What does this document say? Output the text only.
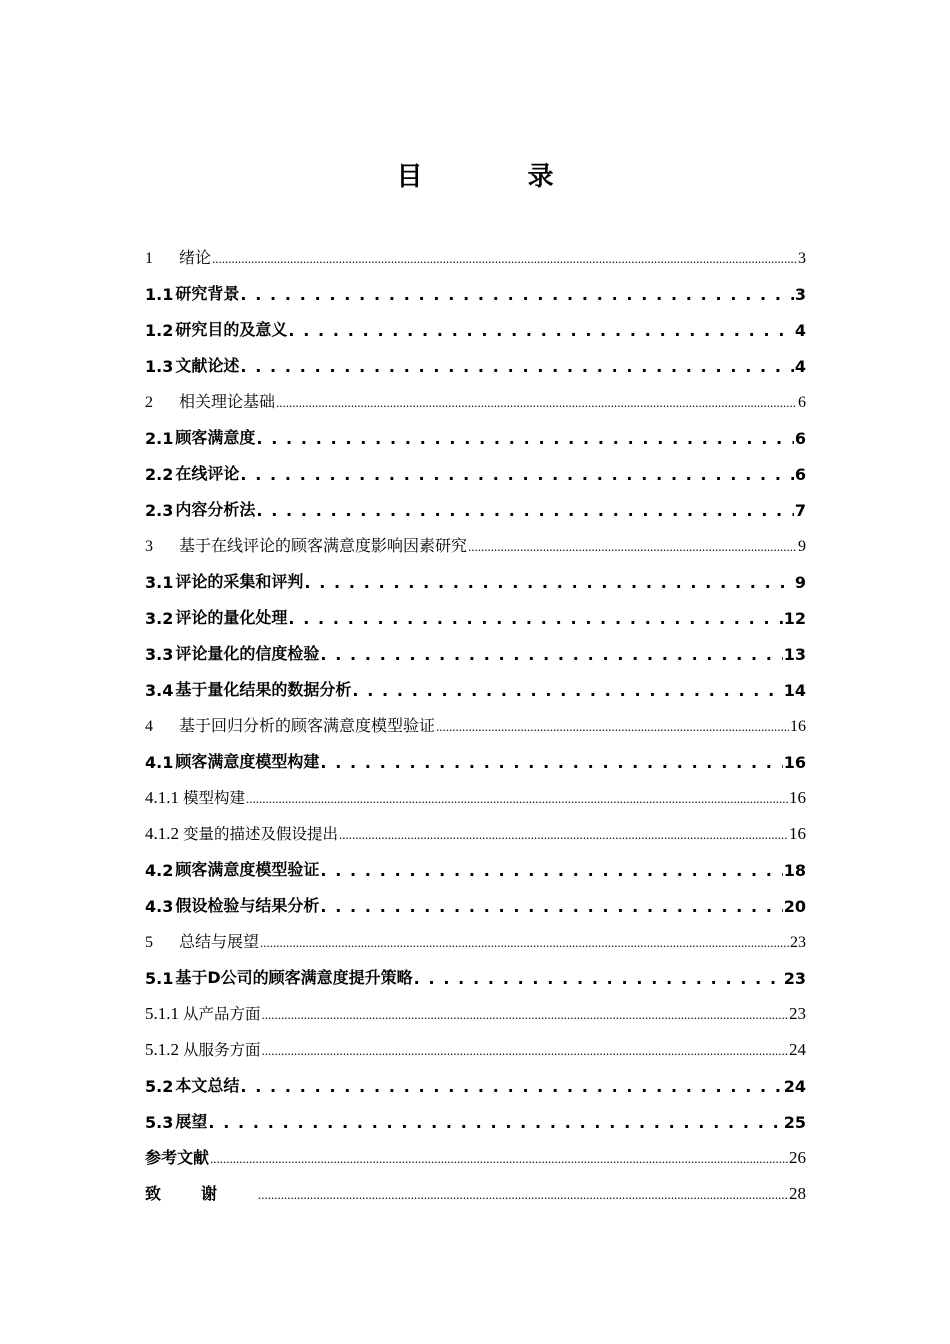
目 录
1	绪论 .....	3
1.1 研究背景 . . .	3
1.2 研究目的及意义 . . .	4
1.3 文献论述 . . .	4
2	相关理论基础 .....	6
2.1 顾客满意度 . . .	6
2.2 在线评论 . . .	6
2.3 内容分析法 . . .	7
3	基于在线评论的顾客满意度影响因素研究 .....	9
3.1 评论的采集和评判 . . .	9
3.2 评论的量化处理 . . .	12
3.3 评论量化的信度检验 . . .	13
3.4 基于量化结果的数据分析 . . .	14
4	基于回归分析的顾客满意度模型验证 .....	16
4.1 顾客满意度模型构建 . . .	16
4.1.1 模型构建 .....	16
4.1.2 变量的描述及假设提出 .....	16
4.2 顾客满意度模型验证 . . .	18
4.3 假设检验与结果分析 . . .	20
5	总结与展望 .....	23
5.1 基于D公司的顾客满意度提升策略 . . .	23
5.1.1 从产品方面 .....	23
5.1.2 从服务方面 .....	24
5.2 本文总结 . . .	24
5.3 展望 . . .	25
参考文献 .....	26
致谢 .....	28
